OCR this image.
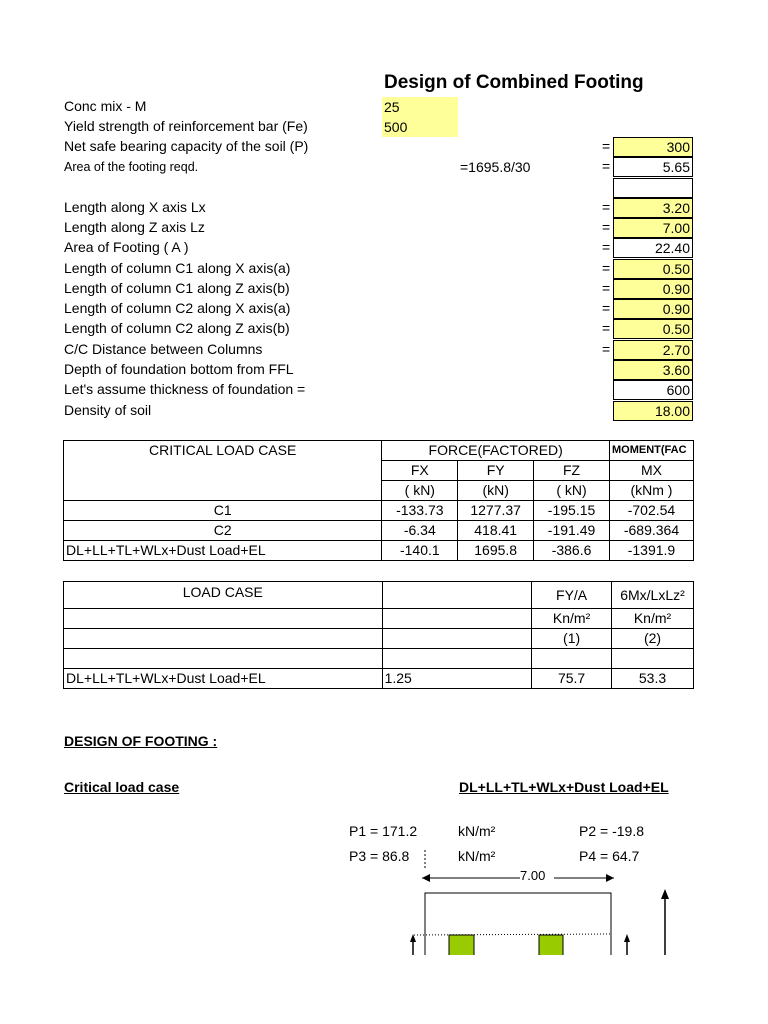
Design of Combined Footing
Conc mix - M	25
Yield strength of reinforcement bar (Fe)	500
Net safe bearing capacity of the soil (P)	=	300
Area of the footing reqd.	=	5.65
Length along X axis Lx	=	3.20
Length along Z axis Lz	=	7.00
Area of Footing ( A )	=	22.40
Length of column C1 along X axis(a)	=	0.50
Length of column C1 along Z axis(b)	=	0.90
Length of column C2 along X axis(a)	=	0.90
Length of column C2 along Z axis(b)	=	0.50
C/C Distance between Columns	=	2.70
Depth of foundation bottom from FFL	3.60
Let's assume thickness of foundation =	600
Density of soil	18.00
=1695.8/30
CRITICAL LOAD CASE	FORCE(FACTORED)			MOMENT(FAC
	FX	FY	FZ	MX
	( kN)	(kN)	( kN)	(kNm )
C1	-133.73	1277.37	-195.15	-702.54
C2	-6.34	418.41	-191.49	-689.364
DL+LL+TL+WLx+Dust Load+EL	-140.1	1695.8	-386.6	-1391.9
LOAD CASE		FY/A	6Mx/LxLz²
		Kn/m²	Kn/m²
		(1)	(2)

DL+LL+TL+WLx+Dust Load+EL	1.25	75.7	53.3
DESIGN OF FOOTING :
Critical load case	DL+LL+TL+WLx+Dust Load+EL
P1 = 171.2	kN/m²	P2 = -19.8
P3 = 86.8	kN/m²	P4 = 64.7
7.00
